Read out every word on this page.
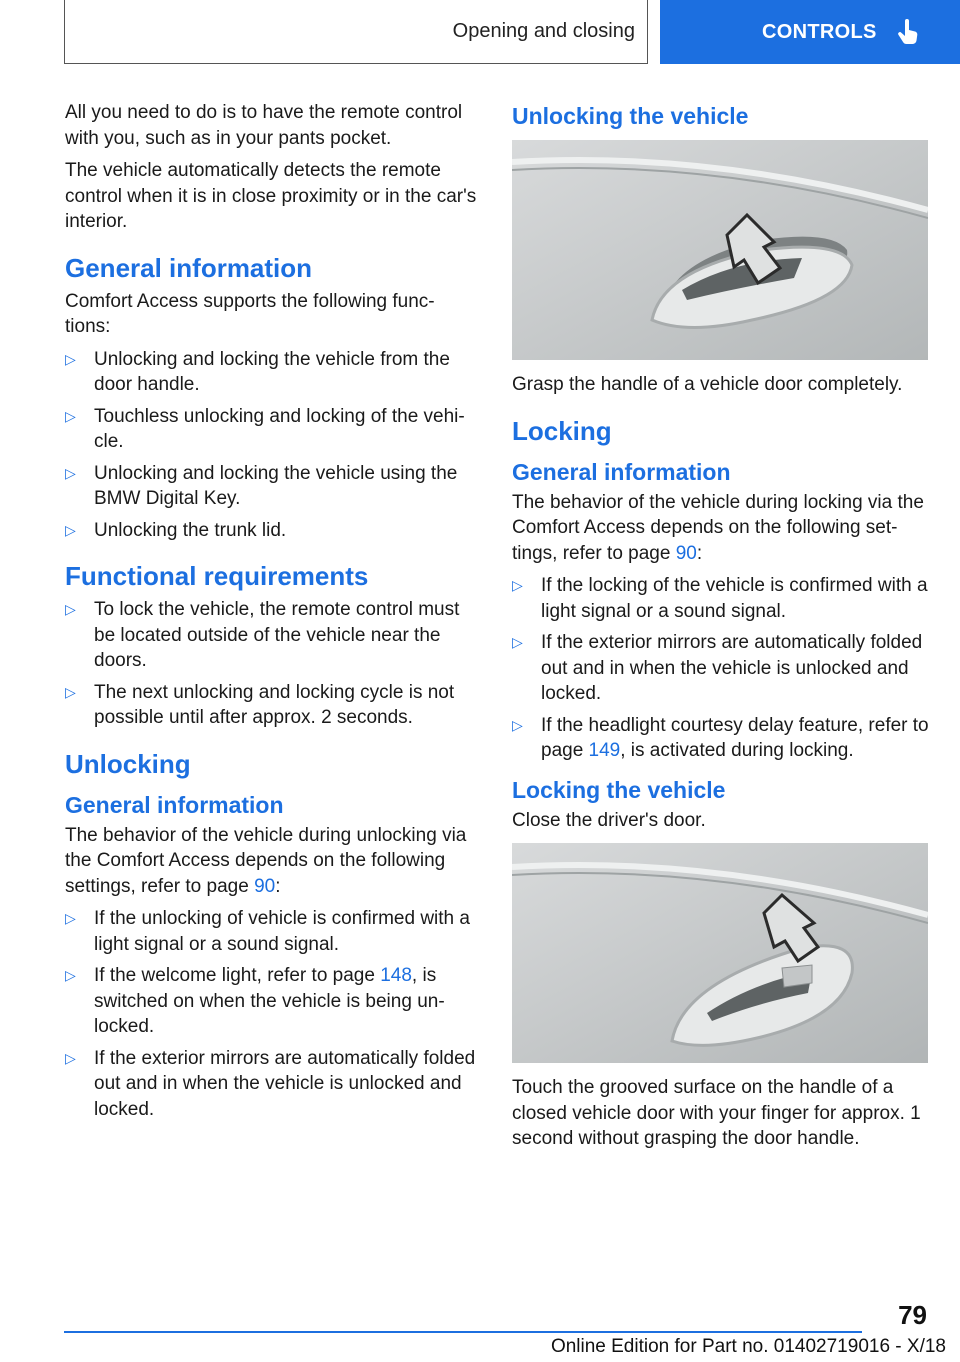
Opening and closing	CONTROLS

All you need to do is to have the remote control with you, such as in your pants pocket.

The vehicle automatically detects the remote control when it is in close proximity or in the car's interior.

General information

Comfort Access supports the following func-tions:

▷ Unlocking and locking the vehicle from the door handle.
▷ Touchless unlocking and locking of the vehi-cle.
▷ Unlocking and locking the vehicle using the BMW Digital Key.
▷ Unlocking the trunk lid.
Functional requirements
▷ To lock the vehicle, the remote control must be located outside of the vehicle near the doors.
▷ The next unlocking and locking cycle is not possible until after approx. 2 seconds.
Unlocking
General information

The behavior of the vehicle during unlocking via the Comfort Access depends on the following settings, refer to page 90:

▷ If the unlocking of vehicle is confirmed with a light signal or a sound signal.
▷ If the welcome light, refer to page 148, is switched on when the vehicle is being un-locked.
▷ If the exterior mirrors are automatically folded out and in when the vehicle is unlocked and locked.
Unlocking the vehicle

Grasp the handle of a vehicle door completely.

Locking
General information

The behavior of the vehicle during locking via the Comfort Access depends on the following set-tings, refer to page 90:

▷ If the locking of the vehicle is confirmed with a light signal or a sound signal.
▷ If the exterior mirrors are automatically folded out and in when the vehicle is unlocked and locked.
▷ If the headlight courtesy delay feature, refer to page 149, is activated during locking.
Locking the vehicle

Close the driver's door.

Touch the grooved surface on the handle of a closed vehicle door with your finger for approx. 1 second without grasping the door handle.

79
Online Edition for Part no. 01402719016 - X/18
